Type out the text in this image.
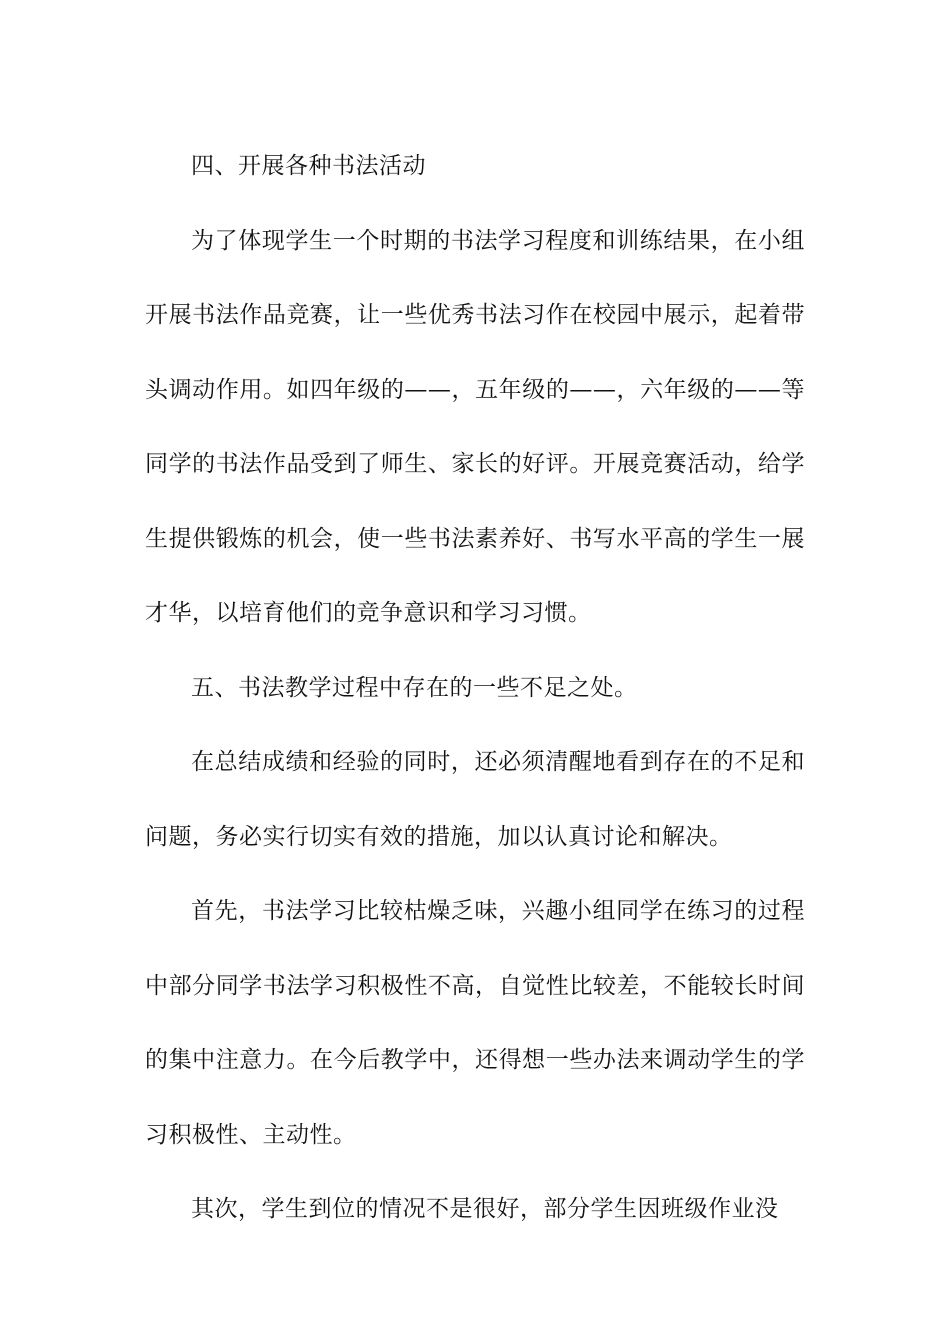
四、开展各种书法活动

为了体现学生一个时期的书法学习程度和训练结果，在小组开展书法作品竞赛，让一些优秀书法习作在校园中展示，起着带头调动作用。如四年级的——，五年级的——，六年级的——等同学的书法作品受到了师生、家长的好评。开展竞赛活动，给学生提供锻炼的机会，使一些书法素养好、书写水平高的学生一展才华，以培育他们的竞争意识和学习习惯。

五、书法教学过程中存在的一些不足之处。

在总结成绩和经验的同时，还必须清醒地看到存在的不足和问题，务必实行切实有效的措施，加以认真讨论和解决。

首先，书法学习比较枯燥乏味，兴趣小组同学在练习的过程中部分同学书法学习积极性不高，自觉性比较差，不能较长时间的集中注意力。在今后教学中，还得想一些办法来调动学生的学习积极性、主动性。

其次，学生到位的情况不是很好，部分学生因班级作业没
